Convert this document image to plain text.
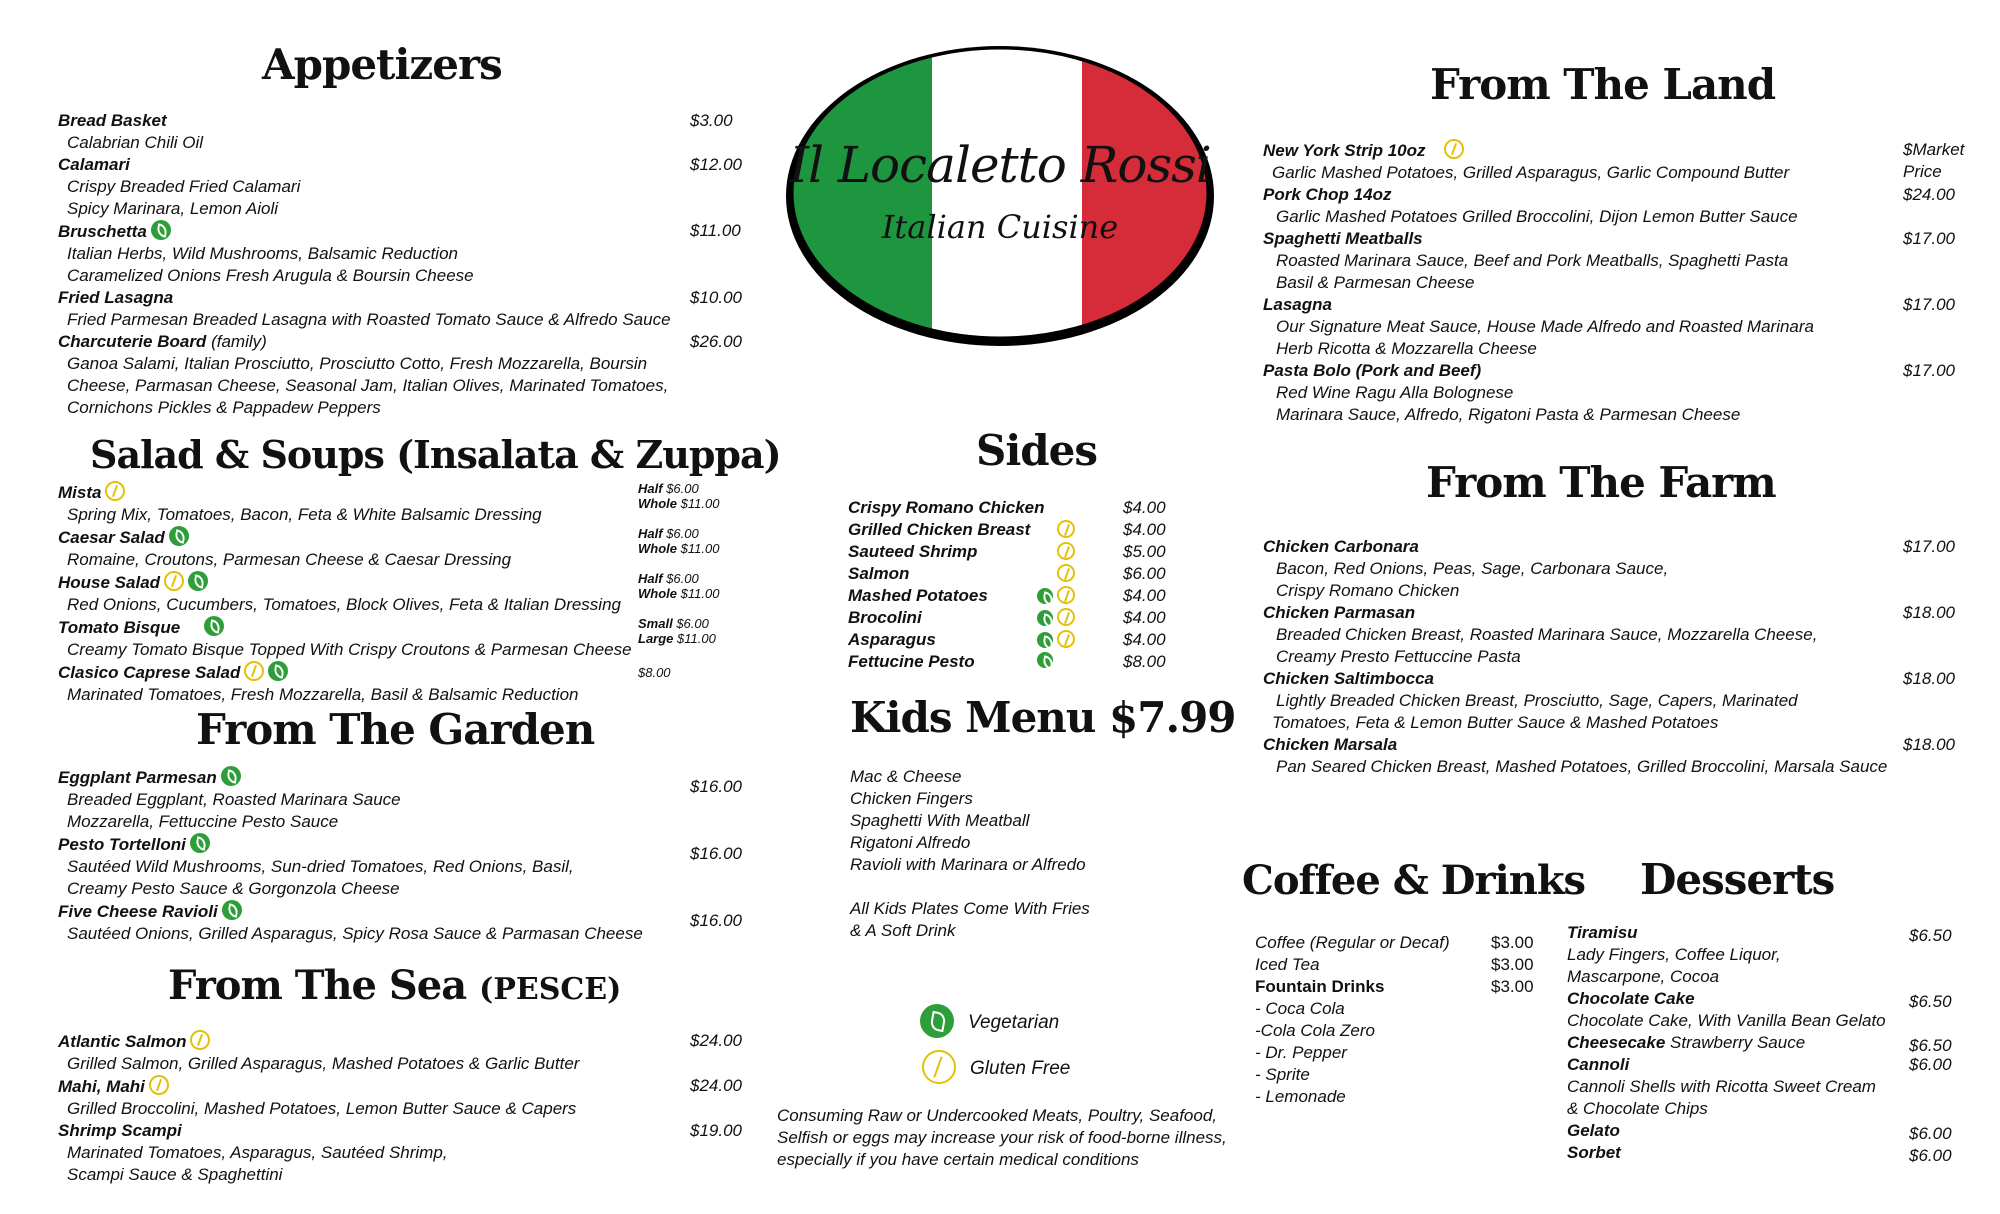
Appetizers
Bread Basket	$3.00
Calabrian Chili Oil
Calamari	$12.00
Crispy Breaded Fried Calamari
Spicy Marinara, Lemon Aioli
Bruschetta	$11.00
Italian Herbs, Wild Mushrooms, Balsamic Reduction
Caramelized Onions Fresh Arugula & Boursin Cheese
Fried Lasagna	$10.00
Fried Parmesan Breaded Lasagna with Roasted Tomato Sauce & Alfredo Sauce
Charcuterie Board (family)	$26.00
Ganoa Salami, Italian Prosciutto, Prosciutto Cotto, Fresh Mozzarella, Boursin
Cheese, Parmasan Cheese, Seasonal Jam, Italian Olives, Marinated Tomatoes,
Cornichons Pickles & Pappadew Peppers
Salad & Soups (Insalata & Zuppa)
Mista	Half $6.00
Whole $11.00
Spring Mix, Tomatoes, Bacon, Feta & White Balsamic Dressing
Caesar Salad	Half $6.00
Whole $11.00
Romaine, Croutons, Parmesan Cheese & Caesar Dressing
House Salad	Half $6.00
Whole $11.00
Red Onions, Cucumbers, Tomatoes, Block Olives, Feta & Italian Dressing
Tomato Bisque	Small $6.00
Large $11.00
Creamy Tomato Bisque Topped With Crispy Croutons & Parmesan Cheese
Clasico Caprese Salad	$8.00
Marinated Tomatoes, Fresh Mozzarella, Basil & Balsamic Reduction
From The Garden
Eggplant Parmesan	$16.00
Breaded Eggplant, Roasted Marinara Sauce
Mozzarella, Fettuccine Pesto Sauce
Pesto Tortelloni	$16.00
Sautéed Wild Mushrooms, Sun-dried Tomatoes, Red Onions, Basil,
Creamy Pesto Sauce & Gorgonzola Cheese
Five Cheese Ravioli	$16.00
Sautéed Onions, Grilled Asparagus, Spicy Rosa Sauce & Parmasan Cheese
From The Sea (PESCE)
Atlantic Salmon	$24.00
Grilled Salmon, Grilled Asparagus, Mashed Potatoes & Garlic Butter
Mahi, Mahi	$24.00
Grilled Broccolini, Mashed Potatoes, Lemon Butter Sauce & Capers
Shrimp Scampi	$19.00
Marinated Tomatoes, Asparagus, Sautéed Shrimp,
Scampi Sauce & Spaghettini
Il Localetto Rossi
Italian Cuisine
Sides
Crispy Romano Chicken	$4.00
Grilled Chicken Breast	$4.00
Sauteed Shrimp	$5.00
Salmon	$6.00
Mashed Potatoes	$4.00
Brocolini	$4.00
Asparagus	$4.00
Fettucine Pesto	$8.00
Kids Menu $7.99
Mac & Cheese
Chicken Fingers
Spaghetti With Meatball
Rigatoni Alfredo
Ravioli with Marinara or Alfredo
All Kids Plates Come With Fries
& A Soft Drink
Vegetarian
Gluten Free
Consuming Raw or Undercooked Meats, Poultry, Seafood,
Selfish or eggs may increase your risk of food-borne illness,
especially if you have certain medical conditions
From The Land
New York Strip 10oz	$Market
Price
Garlic Mashed Potatoes, Grilled Asparagus, Garlic Compound Butter
Pork Chop 14oz	$24.00
Garlic Mashed Potatoes Grilled Broccolini, Dijon Lemon Butter Sauce
Spaghetti Meatballs	$17.00
Roasted Marinara Sauce, Beef and Pork Meatballs, Spaghetti Pasta
Basil & Parmesan Cheese
Lasagna	$17.00
Our Signature Meat Sauce, House Made Alfredo and Roasted Marinara
Herb Ricotta & Mozzarella Cheese
Pasta Bolo (Pork and Beef)	$17.00
Red Wine Ragu Alla Bolognese
Marinara Sauce, Alfredo, Rigatoni Pasta & Parmesan Cheese
From The Farm
Chicken Carbonara	$17.00
Bacon, Red Onions, Peas, Sage, Carbonara Sauce,
Crispy Romano Chicken
Chicken Parmasan	$18.00
Breaded Chicken Breast, Roasted Marinara Sauce, Mozzarella Cheese,
Creamy Presto Fettuccine Pasta
Chicken Saltimbocca	$18.00
Lightly Breaded Chicken Breast, Prosciutto, Sage, Capers, Marinated
Tomatoes, Feta & Lemon Butter Sauce & Mashed Potatoes
Chicken Marsala	$18.00
Pan Seared Chicken Breast, Mashed Potatoes, Grilled Broccolini, Marsala Sauce
Coffee & Drinks
Coffee (Regular or Decaf) $3.00
Iced Tea	$3.00
Fountain Drinks	$3.00
- Coca Cola
-Cola Cola Zero
- Dr. Pepper
- Sprite
- Lemonade
Desserts
Tiramisu	$6.50
Lady Fingers, Coffee Liquor,
Mascarpone, Cocoa
Chocolate Cake	$6.50
Chocolate Cake, With Vanilla Bean Gelato
Cheesecake Strawberry Sauce	$6.50
Cannoli	$6.00
Cannoli Shells with Ricotta Sweet Cream
& Chocolate Chips
Gelato	$6.00
Sorbet	$6.00
